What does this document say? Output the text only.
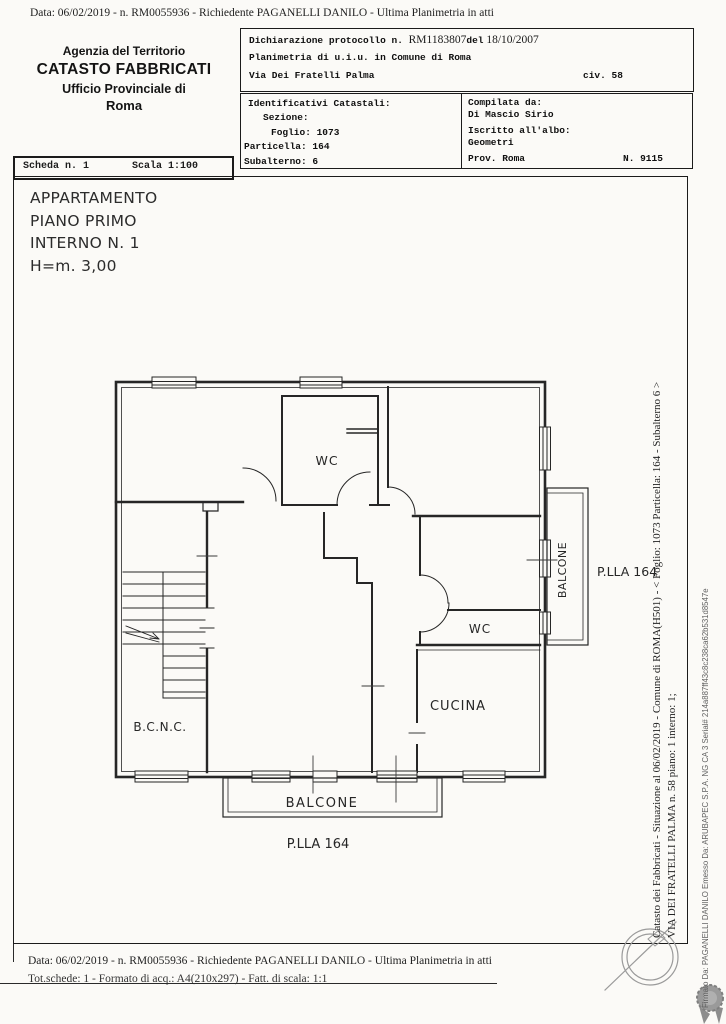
Data: 06/02/2019 - n. RM0055936 - Richiedente PAGANELLI DANILO - Ultima Planimetria in atti
Agenzia del Territorio
CATASTO FABBRICATI
Ufficio Provinciale di
Roma
Dichiarazione protocollo n. RM1183807del 18/10/2007
Planimetria di u.i.u. in Comune di Roma
Via Dei Fratelli Palma	civ. 58
Identificativi Catastali:
Sezione:
Foglio: 1073
Particella: 164
Subalterno: 6
Compilata da:
Di Mascio Sirio
Iscritto all'albo:
Geometri
Prov. Roma	N. 9115
Scheda n. 1	Scala 1:100
APPARTAMENTO
PIANO PRIMO
INTERNO N. 1
H=m. 3,00
WC
WC
CUCINA
B.C.N.C.
BALCONE
BALCONE
P.LLA 164
P.LLA 164	Catasto dei Fabbricati - Situazione al 06/02/2019 - Comune di ROMA(H501) - < Foglio: 1073 Particella: 164 - Subalterno 6 > VIA DEI FRATELLI PALMA n. 58 piano: 1 interno: 1;	Firmato Da: PAGANELLI DANILO Emesso Da: ARUBAPEC S.P.A. NG CA 3 Serial# 214a887ff43c8c238ca62b531d8547e
Data: 06/02/2019 - n. RM0055936 - Richiedente PAGANELLI DANILO - Ultima Planimetria in atti
Tot.schede: 1 - Formato di acq.: A4(210x297) - Fatt. di scala: 1:1
